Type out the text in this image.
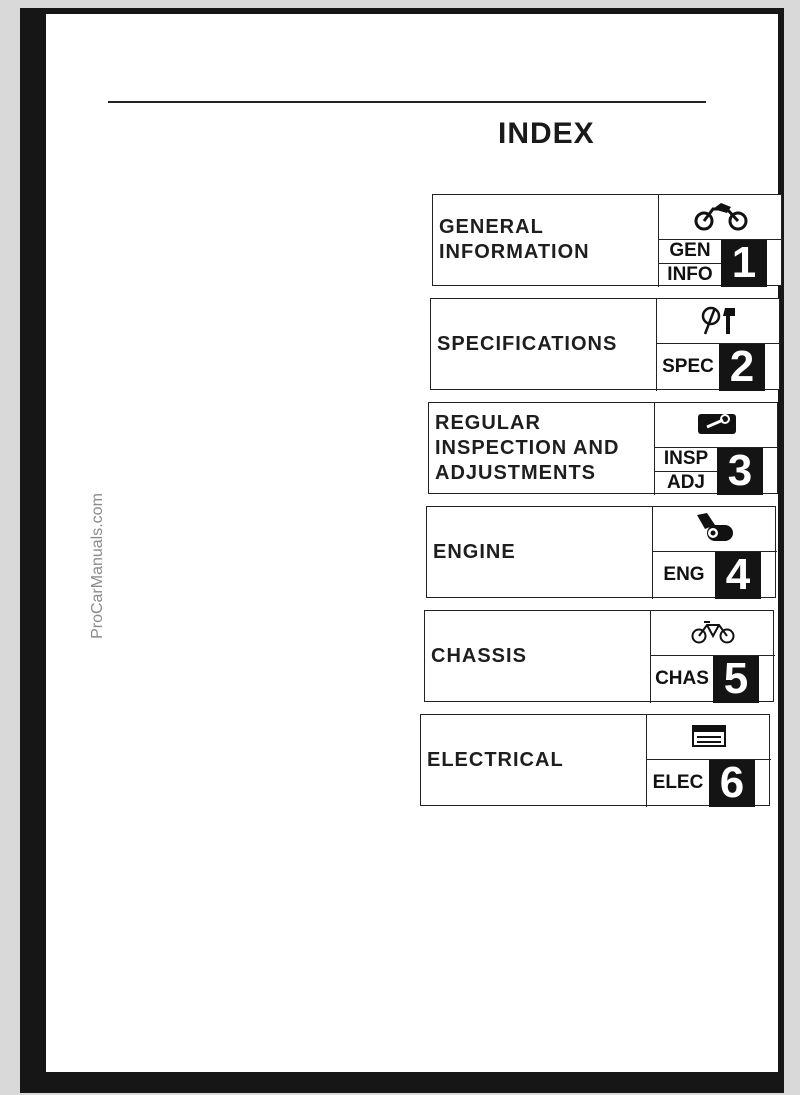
INDEX
ProCarManuals.com
GENERAL
INFORMATION	GEN
INFO 1
SPECIFICATIONS
SPEC 2
REGULAR
INSPECTION AND
ADJUSTMENTS
INSP
ADJ 3
ENGINE
ENG 4
CHASSIS
CHAS 5
ELECTRICAL
ELEC 6
